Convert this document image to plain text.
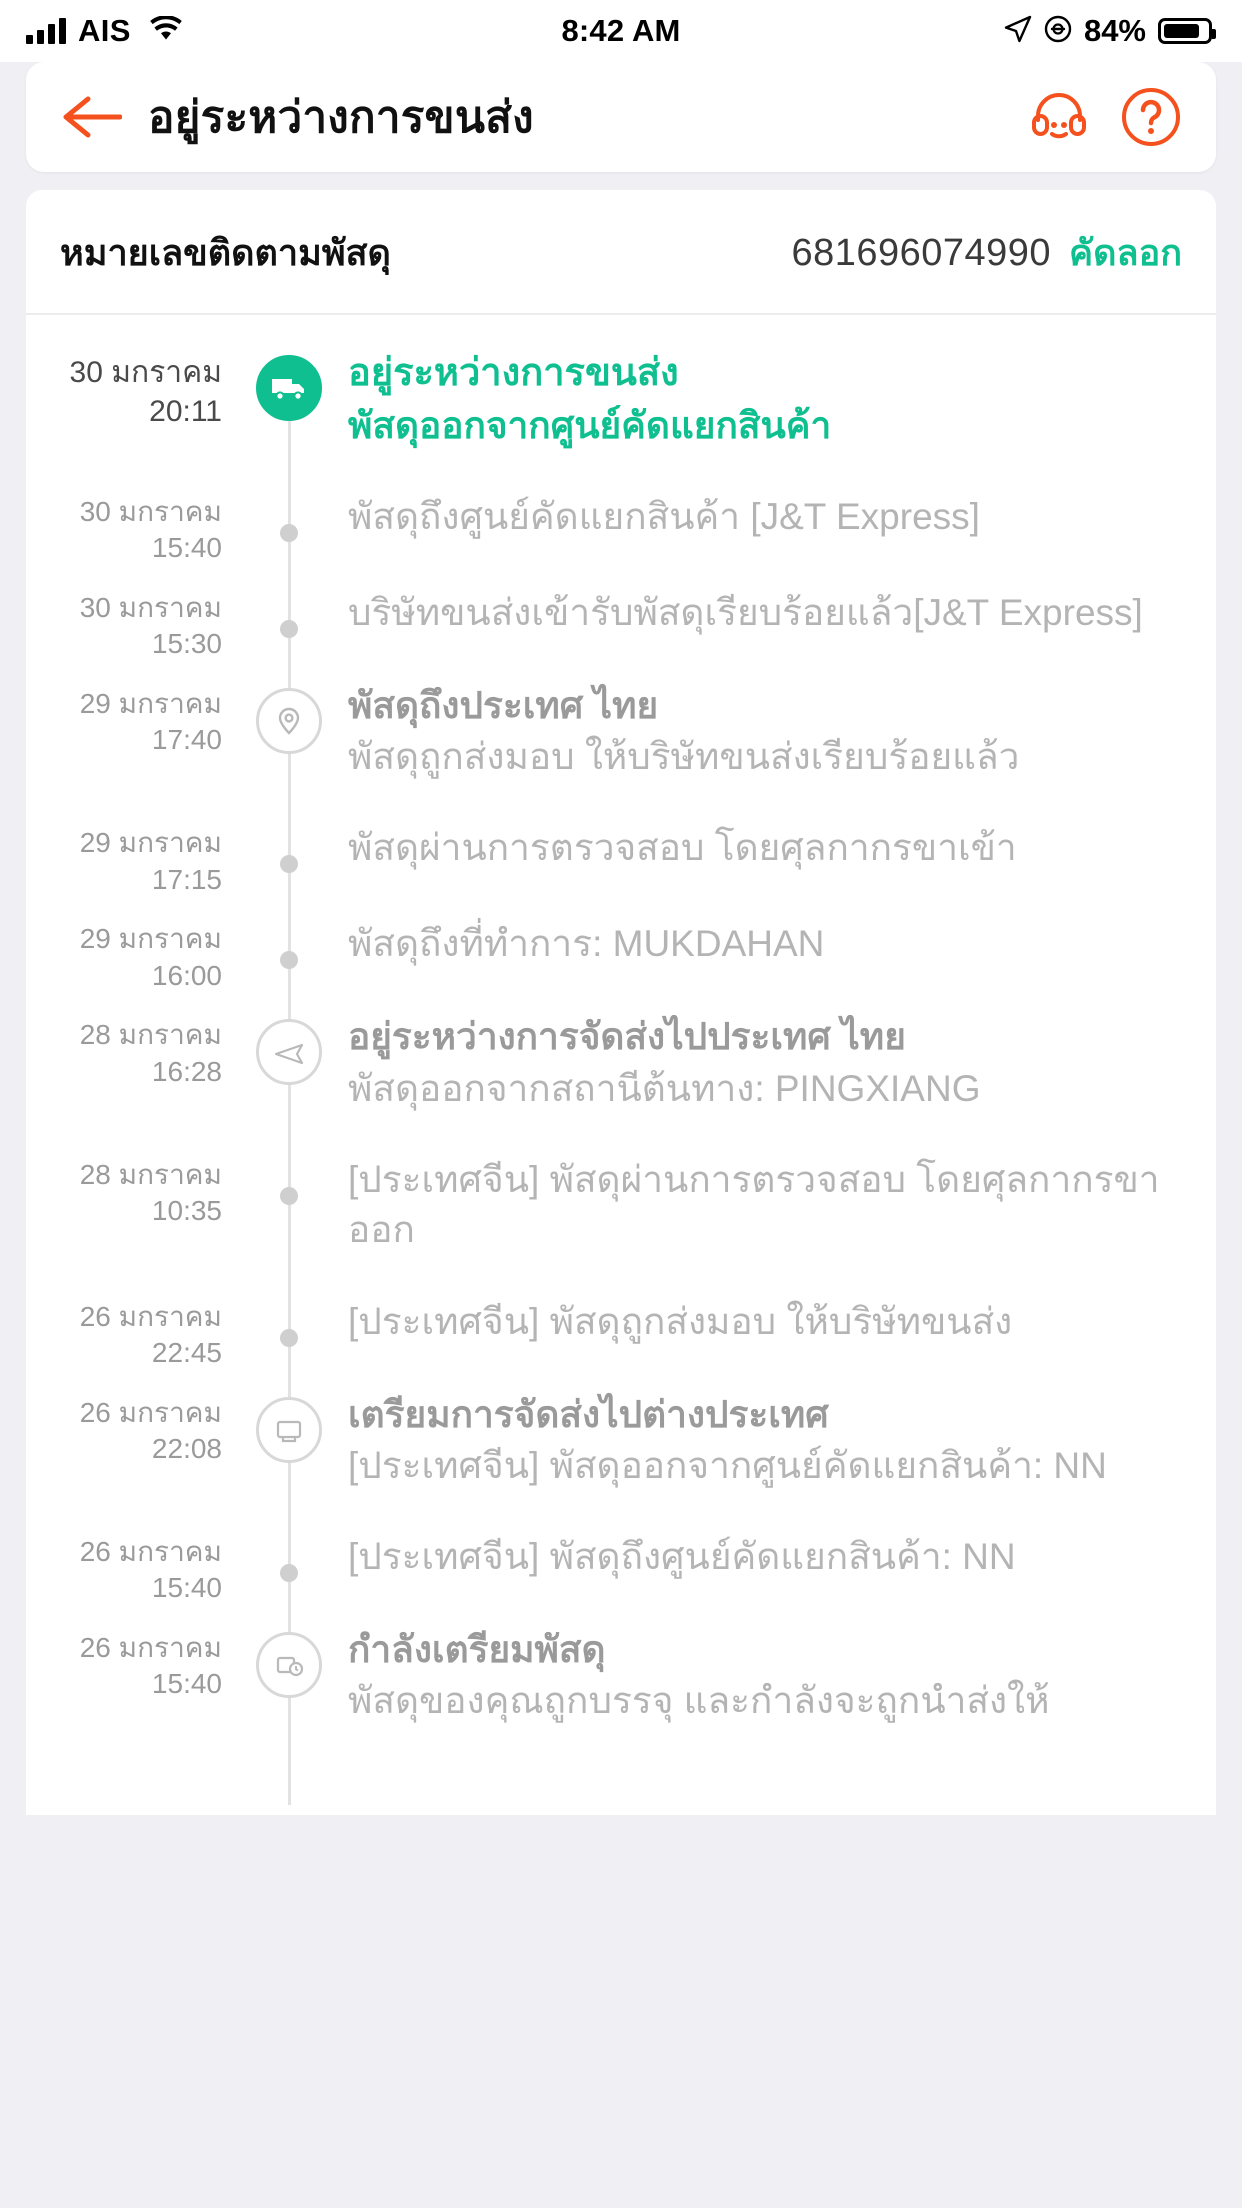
AIS	8:42 AM	84%
อยู่ระหว่างการขนส่ง
หมายเลขติดตามพัสดุ	681696074990 คัดลอก
30 มกราคม
20:11
อยู่ระหว่างการขนส่ง
พัสดุออกจากศูนย์คัดแยกสินค้า
30 มกราคม
15:40
พัสดุถึงศูนย์คัดแยกสินค้า [J&T Express]
30 มกราคม
15:30
บริษัทขนส่งเข้ารับพัสดุเรียบร้อยแล้ว[J&T Express]
29 มกราคม
17:40
พัสดุถึงประเทศ ไทย
พัสดุถูกส่งมอบ ให้บริษัทขนส่งเรียบร้อยแล้ว
29 มกราคม
17:15
พัสดุผ่านการตรวจสอบ โดยศุลกากรขาเข้า
29 มกราคม
16:00
พัสดุถึงที่ทำการ: MUKDAHAN
28 มกราคม
16:28
อยู่ระหว่างการจัดส่งไปประเทศ ไทย
พัสดุออกจากสถานีต้นทาง: PINGXIANG
28 มกราคม
10:35
[ประเทศจีน] พัสดุผ่านการตรวจสอบ โดยศุลกากรขาออก
26 มกราคม
22:45
[ประเทศจีน] พัสดุถูกส่งมอบ ให้บริษัทขนส่ง
26 มกราคม
22:08
เตรียมการจัดส่งไปต่างประเทศ
[ประเทศจีน] พัสดุออกจากศูนย์คัดแยกสินค้า: NN
26 มกราคม
15:40
[ประเทศจีน] พัสดุถึงศูนย์คัดแยกสินค้า: NN
26 มกราคม
15:40
กำลังเตรียมพัสดุ
พัสดุของคุณถูกบรรจุ และกำลังจะถูกนำส่งให้
